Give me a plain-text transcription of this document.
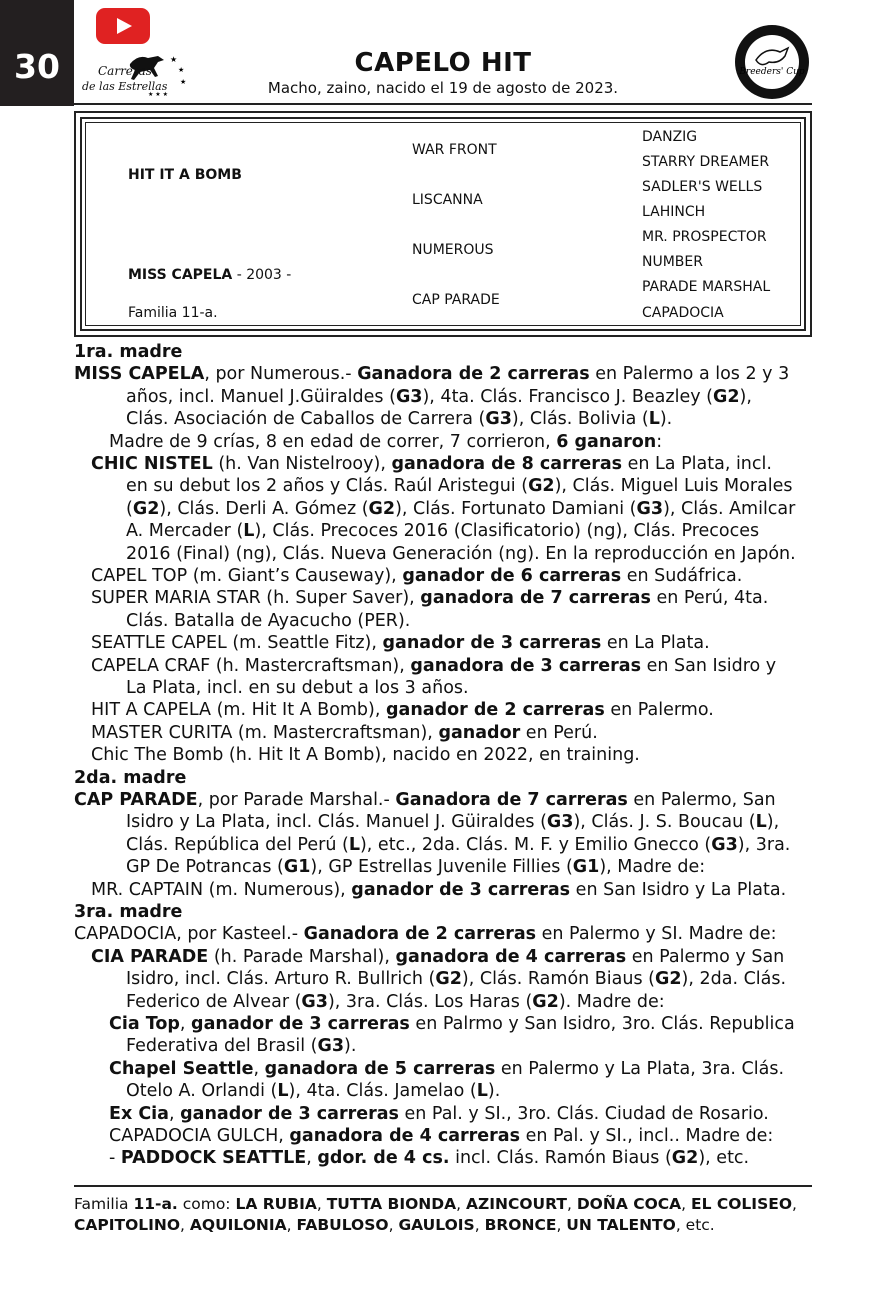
30	★
★
★
★ ★ ★
Carreras
de las Estrellas
CAPELO HIT
Macho, zaino, nacido el 19 de agosto de 2023.
Breeders' Cup
HIT IT A BOMB
MISS CAPELA - 2003 -
Familia 11-a.
WAR FRONT
LISCANNA
NUMEROUS
CAP PARADE
DANZIG
STARRY DREAMER
SADLER'S WELLS
LAHINCH
MR. PROSPECTOR
NUMBER
PARADE MARSHAL
CAPADOCIA
1ra. madre
MISS CAPELA, por Numerous.- Ganadora de 2 carreras en Palermo a los 2 y 3
años, incl. Manuel J.Güiraldes (G3), 4ta. Clás. Francisco J. Beazley (G2),
Clás. Asociación de Caballos de Carrera (G3), Clás. Bolivia (L).
Madre de 9 crías, 8 en edad de correr, 7 corrieron, 6 ganaron:
CHIC NISTEL (h. Van Nistelrooy), ganadora de 8 carreras en La Plata, incl.
en su debut los 2 años y Clás. Raúl Aristegui (G2), Clás. Miguel Luis Morales
(G2), Clás. Derli A. Gómez (G2), Clás. Fortunato Damiani (G3), Clás. Amilcar
A. Mercader (L), Clás. Precoces 2016 (Clasificatorio) (ng), Clás. Precoces
2016 (Final) (ng), Clás. Nueva Generación (ng). En la reproducción en Japón.
CAPEL TOP (m. Giant’s Causeway), ganador de 6 carreras en Sudáfrica.
SUPER MARIA STAR (h. Super Saver), ganadora de 7 carreras en Perú, 4ta.
Clás. Batalla de Ayacucho (PER).
SEATTLE CAPEL (m. Seattle Fitz), ganador de 3 carreras en La Plata.
CAPELA CRAF (h. Mastercraftsman), ganadora de 3 carreras en San Isidro y
La Plata, incl. en su debut a los 3 años.
HIT A CAPELA (m. Hit It A Bomb), ganador de 2 carreras en Palermo.
MASTER CURITA (m. Mastercraftsman), ganador en Perú.
Chic The Bomb (h. Hit It A Bomb), nacido en 2022, en training.
2da. madre
CAP PARADE, por Parade Marshal.- Ganadora de 7 carreras en Palermo, San
Isidro y La Plata, incl. Clás. Manuel J. Güiraldes (G3), Clás. J. S. Boucau (L),
Clás. República del Perú (L), etc., 2da. Clás. M. F. y Emilio Gnecco (G3), 3ra.
GP De Potrancas (G1), GP Estrellas Juvenile Fillies (G1), Madre de:
MR. CAPTAIN (m. Numerous), ganador de 3 carreras en San Isidro y La Plata.
3ra. madre
CAPADOCIA, por Kasteel.- Ganadora de 2 carreras en Palermo y SI. Madre de:
CIA PARADE (h. Parade Marshal), ganadora de 4 carreras en Palermo y San
Isidro, incl. Clás. Arturo R. Bullrich (G2), Clás. Ramón Biaus (G2), 2da. Clás.
Federico de Alvear (G3), 3ra. Clás. Los Haras (G2). Madre de:
Cia Top, ganador de 3 carreras en Palrmo y San Isidro, 3ro. Clás. Republica
Federativa del Brasil (G3).
Chapel Seattle, ganadora de 5 carreras en Palermo y La Plata, 3ra. Clás.
Otelo A. Orlandi (L), 4ta. Clás. Jamelao (L).
Ex Cia, ganador de 3 carreras en Pal. y SI., 3ro. Clás. Ciudad de Rosario.
CAPADOCIA GULCH, ganadora de 4 carreras en Pal. y SI., incl.. Madre de:
- PADDOCK SEATTLE, gdor. de 4 cs. incl. Clás. Ramón Biaus (G2), etc.
Familia 11-a. como: LA RUBIA, TUTTA BIONDA, AZINCOURT, DOÑA COCA, EL COLISEO,
CAPITOLINO, AQUILONIA, FABULOSO, GAULOIS, BRONCE, UN TALENTO, etc.
